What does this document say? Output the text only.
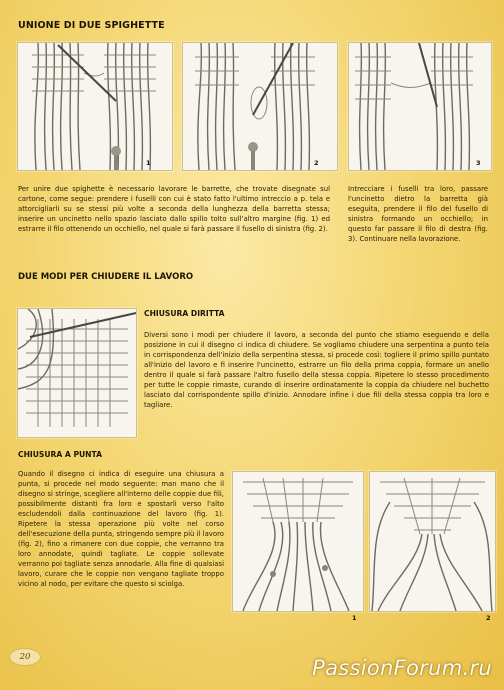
UNIONE DI DUE SPIGHETTE
1	2	3

Per unire due spighette è necessario lavorare le barrette, che trovate disegnate sul cartone, come segue: prendere i fuselli con cui è stato fatto l'ultimo intreccio a p. tela e attorcigliarli su se stessi più volte a seconda della lunghezza della barretta stessa; inserire un uncinetto nello spazio lasciato dallo spillo tolto sull'altro margine (fig. 1) ed estrarre il filo ottenendo un occhiello, nel quale si farà passare il fusello di sinistra (fig. 2).

Intrecciare i fuselli tra loro, passare l'uncinetto dietro la barretta già eseguita, prendere il filo del fusello di sinistra formando un occhiello; in questo far passare il filo di destra (fig. 3). Continuare nella lavorazione.

DUE MODI PER CHIUDERE IL LAVORO
CHIUSURA DIRITTA

Diversi sono i modi per chiudere il lavoro, a seconda del punto che stiamo eseguendo e della posizione in cui il disegno ci indica di chiudere. Se vogliamo chiudere una serpentina a punto tela in corrispondenza dell'inizio della serpentina stessa, si procede così: togliere il primo spillo puntato all'inizio del lavoro e fi inserire l'uncinetto, estrarre un filo della prima coppia, formare un anello dentro il quale si farà passare l'altro fusello della stessa coppia. Ripetere lo stesso procedimento per tutte le coppie rimaste, curando di inserire ordinatamente la coppia da chiudere nel buchetto lasciato dal corrispondente spillo d'inizio. Annodare infine i due fili della stessa coppia tra loro e tagliare.

CHIUSURA A PUNTA

Quando il disegno ci indica di eseguire una chiusura a punta, si procede nel modo seguente: man mano che il disegno si stringe, scegliere all'interno delle coppie due fili, possibilmente distanti fra loro e spostarli verso l'alto escludendoli dalla continuazione del lavoro (fig. 1). Ripetere la stessa operazione più volte nel corso dell'esecuzione della punta, stringendo sempre più il lavoro (fig. 2), fino a rimanere con due coppie, che verranno tra loro annodate, quindi tagliate. Le coppie sollevate verranno poi tagliate senza annodarle. Alla fine di qualsiasi lavoro, curare che le coppie non vengano tagliate troppo vicino al nodo, per evitare che questo si sciolga.

1	2
20	PassionForum.ru
